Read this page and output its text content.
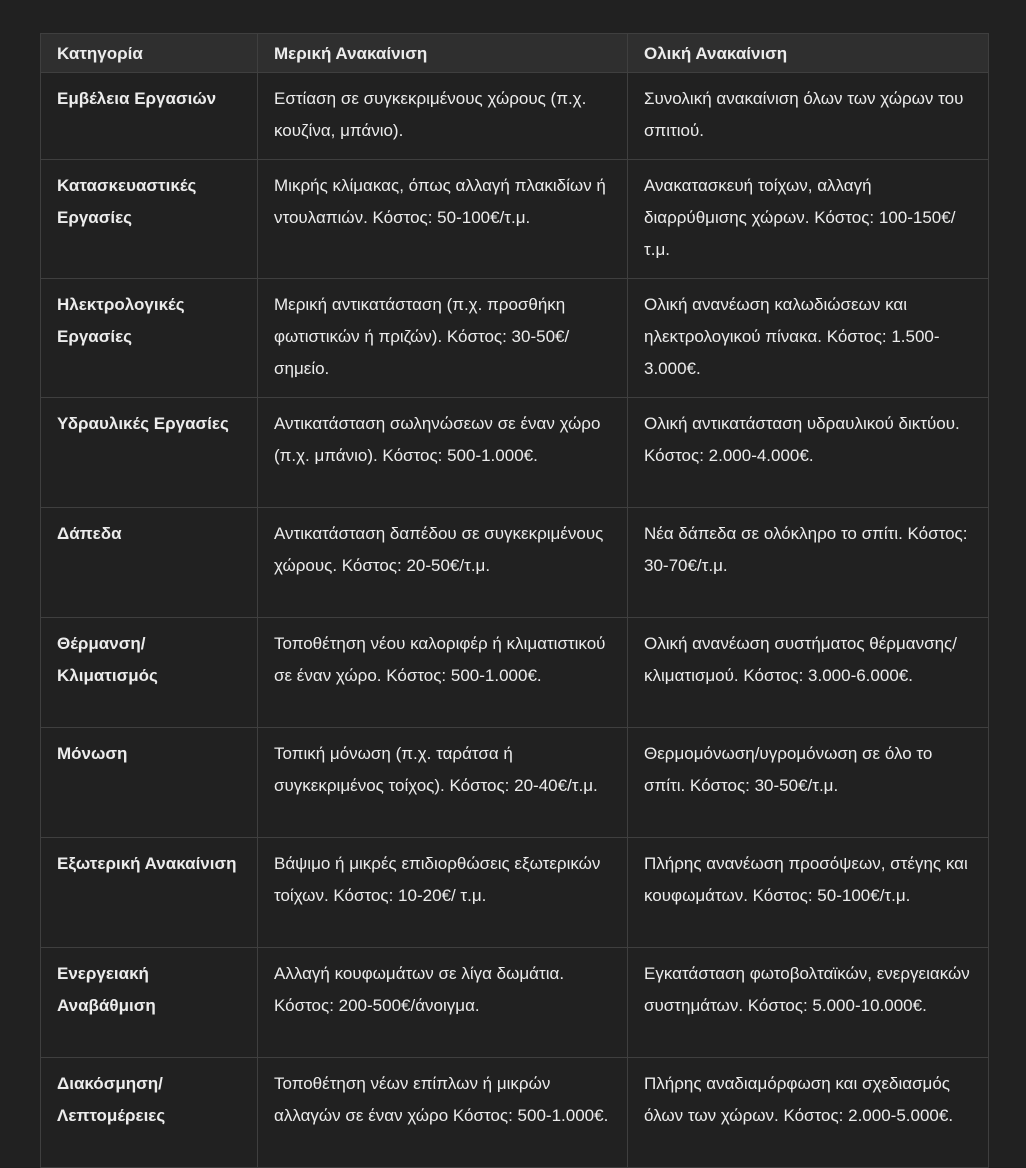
Κατηγορία	Μερική Ανακαίνιση	Ολική Ανακαίνιση
Εμβέλεια Εργασιών	Εστίαση σε συγκεκριμένους χώρους (π.χ. κουζίνα, μπάνιο).	Συνολική ανακαίνιση όλων των χώρων του σπιτιού.
Κατασκευαστικές Εργασίες	Μικρής κλίμακας, όπως αλλαγή πλακιδίων ή ντουλαπιών. Κόστος: 50-100€/τ.μ.	Ανακατασκευή τοίχων, αλλαγή διαρρύθμισης χώρων. Κόστος: 100-150€/τ.μ.
Ηλεκτρολογικές Εργασίες	Μερική αντικατάσταση (π.χ. προσθήκη φωτιστικών ή πριζών). Κόστος: 30-50€/σημείο.	Ολική ανανέωση καλωδιώσεων και ηλεκτρολογικού πίνακα. Κόστος: 1.500-3.000€.
Υδραυλικές Εργασίες	Αντικατάσταση σωληνώσεων σε έναν χώρο (π.χ. μπάνιο). Κόστος: 500-1.000€.	Ολική αντικατάσταση υδραυλικού δικτύου. Κόστος: 2.000-4.000€.
Δάπεδα	Αντικατάσταση δαπέδου σε συγκεκριμένους χώρους. Κόστος: 20-50€/τ.μ.	Νέα δάπεδα σε ολόκληρο το σπίτι. Κόστος: 30-70€/τ.μ.
Θέρμανση/ Κλιματισμός	Τοποθέτηση νέου καλοριφέρ ή κλιματιστικού σε έναν χώρο. Κόστος: 500-1.000€.	Ολική ανανέωση συστήματος θέρμανσης/κλιματισμού. Κόστος: 3.000-6.000€.
Μόνωση	Τοπική μόνωση (π.χ. ταράτσα ή συγκεκριμένος τοίχος). Κόστος: 20-40€/τ.μ.	Θερμομόνωση/υγρομόνωση σε όλο το σπίτι. Κόστος: 30-50€/τ.μ.
Εξωτερική Ανακαίνιση	Βάψιμο ή μικρές επιδιορθώσεις εξωτερικών τοίχων. Κόστος: 10-20€/ τ.μ.	Πλήρης ανανέωση προσόψεων, στέγης και κουφωμάτων. Κόστος: 50-100€/τ.μ.
Ενεργειακή Αναβάθμιση	Αλλαγή κουφωμάτων σε λίγα δωμάτια. Κόστος: 200-500€/άνοιγμα.	Εγκατάσταση φωτοβολταϊκών, ενεργειακών συστημάτων. Κόστος: 5.000-10.000€.
Διακόσμηση/ Λεπτομέρειες	Τοποθέτηση νέων επίπλων ή μικρών αλλαγών σε έναν χώρο Κόστος: 500-1.000€.	Πλήρης αναδιαμόρφωση και σχεδιασμός όλων των χώρων. Κόστος: 2.000-5.000€.
